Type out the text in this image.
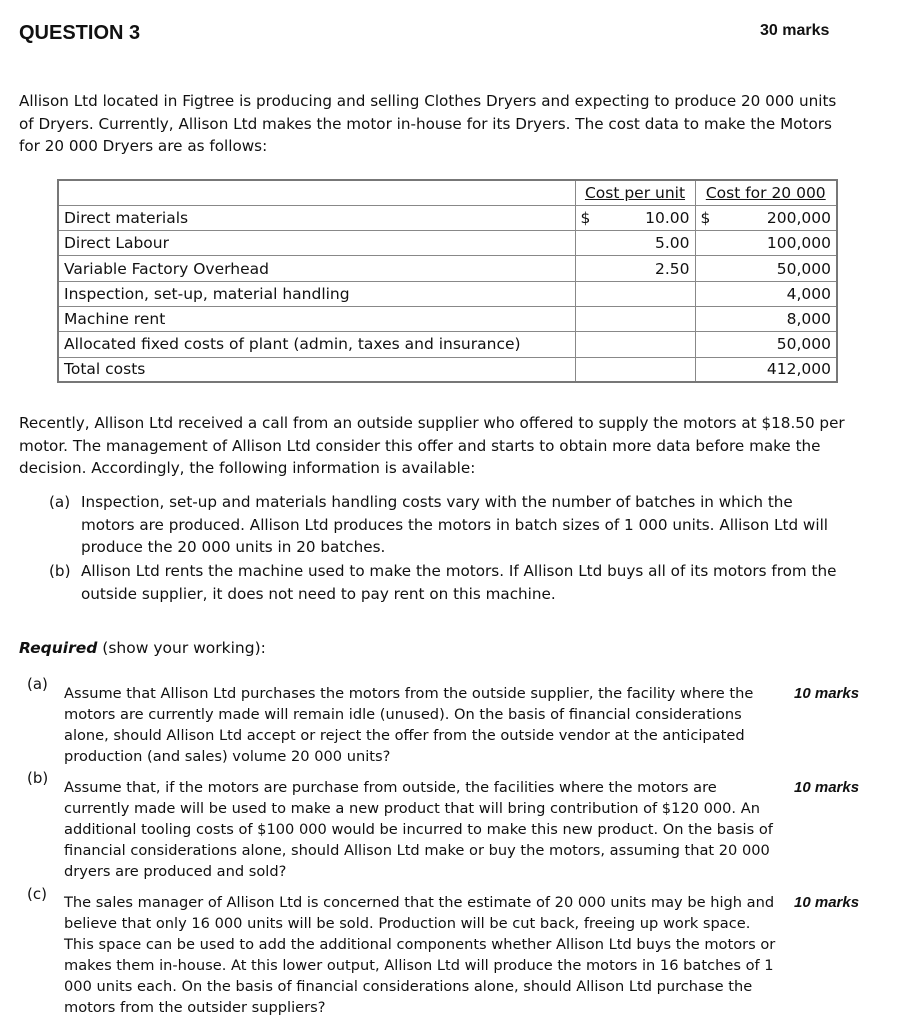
QUESTION 3	30 marks
Allison Ltd located in Figtree is producing and selling Clothes Dryers and expecting to produce 20 000 units of Dryers. Currently, Allison Ltd makes the motor in-house for its Dryers. The cost data to make the Motors for 20 000 Dryers are as follows:
	Cost per unit	Cost for 20 000
Direct materials	$ 10.00	$ 200,000
Direct Labour	5.00	100,000
Variable Factory Overhead	2.50	50,000
Inspection, set-up, material handling		4,000
Machine rent		8,000
Allocated fixed costs of plant (admin, taxes and insurance)		50,000
Total costs		412,000
Recently, Allison Ltd received a call from an outside supplier who offered to supply the motors at $18.50 per motor. The management of Allison Ltd consider this offer and starts to obtain more data before make the decision. Accordingly, the following information is available:
(a) Inspection, set-up and materials handling costs vary with the number of batches in which the motors are produced. Allison Ltd produces the motors in batch sizes of 1 000 units. Allison Ltd will produce the 20 000 units in 20 batches.
(b) Allison Ltd rents the machine used to make the motors. If Allison Ltd buys all of its motors from the outside supplier, it does not need to pay rent on this machine.
Required (show your working):
(a)
Assume that Allison Ltd purchases the motors from the outside supplier, the facility where the motors are currently made will remain idle (unused). On the basis of financial considerations alone, should Allison Ltd accept or reject the offer from the outside vendor at the anticipated production (and sales) volume 20 000 units?
10 marks
(b)
Assume that, if the motors are purchase from outside, the facilities where the motors are currently made will be used to make a new product that will bring contribution of $120 000. An additional tooling costs of $100 000 would be incurred to make this new product. On the basis of financial considerations alone, should Allison Ltd make or buy the motors, assuming that 20 000 dryers are produced and sold?
10 marks
(c) The sales manager of Allison Ltd is concerned that the estimate of 20 000 units may be high and believe that only 16 000 units will be sold. Production will be cut back, freeing up work space. This space can be used to add the additional components whether Allison Ltd buys the motors or makes them in-house. At this lower output, Allison Ltd will produce the motors in 16 batches of 1 000 units each. On the basis of financial considerations alone, should Allison Ltd purchase the motors from the outsider suppliers?
10 marks
